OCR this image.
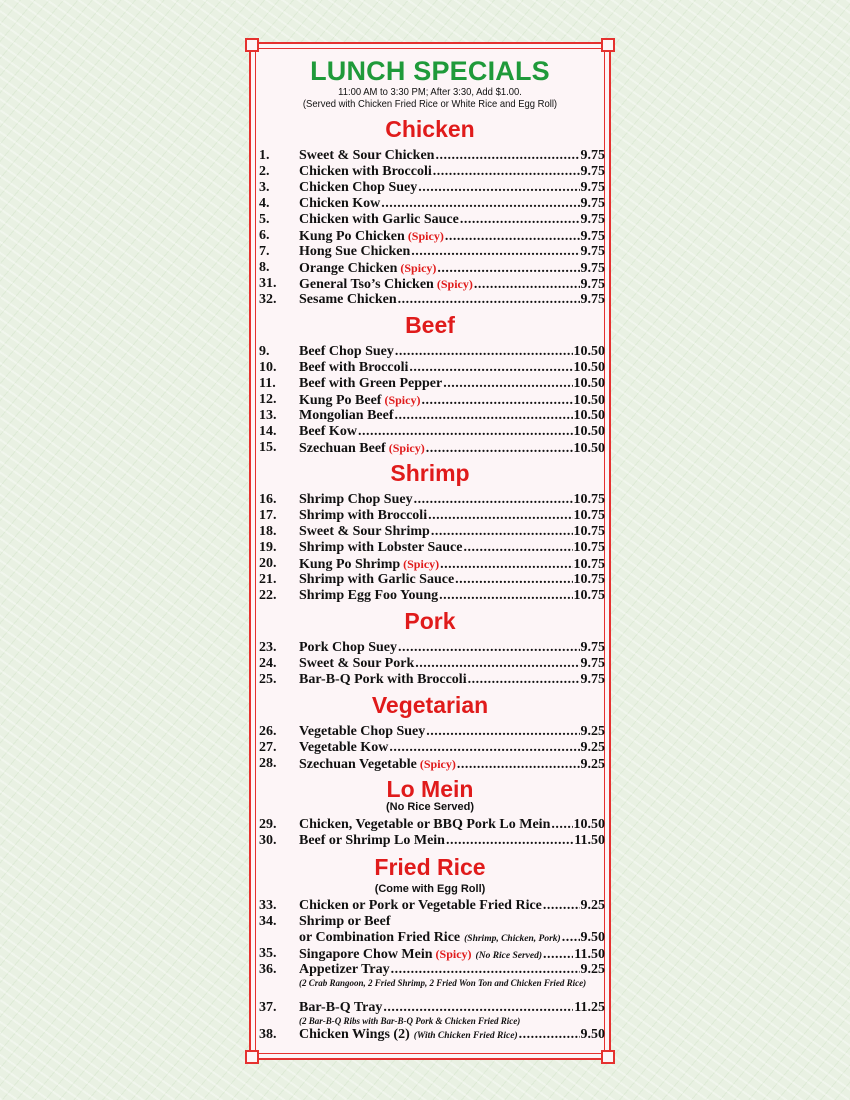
LUNCH SPECIALS
11:00 AM to 3:30 PM; After 3:30, Add $1.00.
(Served with Chicken Fried Rice or White Rice and Egg Roll)
Chicken
1. Sweet & Sour Chicken .....	9.75
2. Chicken with Broccoli .....	9.75
3. Chicken Chop Suey .....	9.75
4. Chicken Kow .....	9.75
5. Chicken with Garlic Sauce .....	9.75
6. Kung Po Chicken (Spicy) .....	9.75
7. Hong Sue Chicken .....	9.75
8. Orange Chicken (Spicy) .....	9.75
31. General Tso’s Chicken (Spicy) .....	9.75
32. Sesame Chicken .....	9.75
Beef
9. Beef Chop Suey .....	10.50
10. Beef with Broccoli .....	10.50
11. Beef with Green Pepper .....	10.50
12. Kung Po Beef (Spicy) .....	10.50
13. Mongolian Beef .....	10.50
14. Beef Kow .....	10.50
15. Szechuan Beef (Spicy) .....	10.50
Shrimp
16. Shrimp Chop Suey .....	10.75
17. Shrimp with Broccoli .....	10.75
18. Sweet & Sour Shrimp .....	10.75
19. Shrimp with Lobster Sauce .....	10.75
20. Kung Po Shrimp (Spicy) .....	10.75
21. Shrimp with Garlic Sauce .....	10.75
22. Shrimp Egg Foo Young .....	10.75
Pork
23. Pork Chop Suey .....	9.75
24. Sweet & Sour Pork .....	9.75
25. Bar-B-Q Pork with Broccoli .....	9.75
Vegetarian
26. Vegetable Chop Suey .....	9.25
27. Vegetable Kow .....	9.25
28. Szechuan Vegetable (Spicy) .....	9.25
Lo Mein
(No Rice Served)
29. Chicken, Vegetable or BBQ Pork Lo Mein ..... 10.50
30. Beef or Shrimp Lo Mein .....	11.50
Fried Rice
(Come with Egg Roll)
33. Chicken or Pork or Vegetable Fried Rice .....	9.25
34. Shrimp or Beef
or Combination Fried Rice (Shrimp, Chicken, Pork) ..... 9.50
35. Singapore Chow Mein (Spicy) (No Rice Served) ..... 11.50
36. Appetizer Tray .....	9.25
(2 Crab Rangoon, 2 Fried Shrimp, 2 Fried Won Ton and Chicken Fried Rice)
37. Bar-B-Q Tray .....	11.25
(2 Bar-B-Q Ribs with Bar-B-Q Pork & Chicken Fried Rice)
38. Chicken Wings (2) (With Chicken Fried Rice) .....	9.50
